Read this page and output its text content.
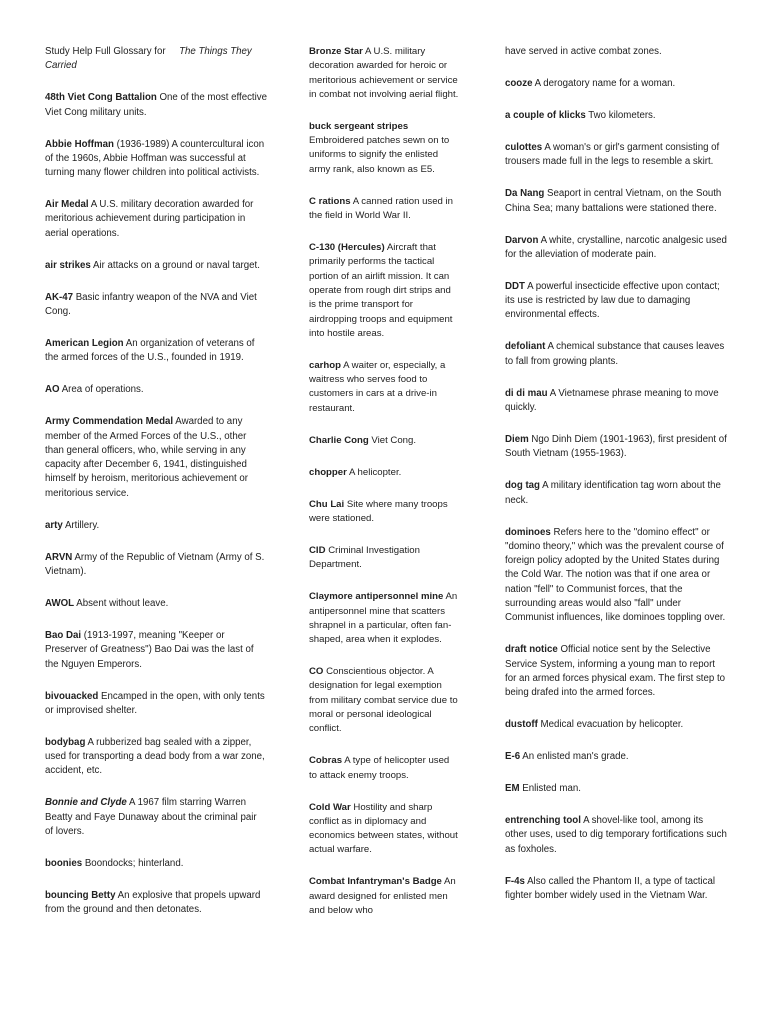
Study Help Full Glossary for The Things They Carried
48th Viet Cong Battalion One of the most effective Viet Cong military units.
Abbie Hoffman (1936-1989) A countercultural icon of the 1960s, Abbie Hoffman was successful at turning many flower children into political activists.
Air Medal A U.S. military decoration awarded for meritorious achievement during participation in aerial operations.
air strikes Air attacks on a ground or naval target.
AK-47 Basic infantry weapon of the NVA and Viet Cong.
American Legion An organization of veterans of the armed forces of the U.S., founded in 1919.
AO Area of operations.
Army Commendation Medal Awarded to any member of the Armed Forces of the U.S., other than general officers, who, while serving in any capacity after December 6, 1941, distinguished himself by heroism, meritorious achievement or meritorious service.
arty Artillery.
ARVN Army of the Republic of Vietnam (Army of S. Vietnam).
AWOL Absent without leave.
Bao Dai (1913-1997, meaning "Keeper or Preserver of Greatness") Bao Dai was the last of the Nguyen Emperors.
bivouacked Encamped in the open, with only tents or improvised shelter.
bodybag A rubberized bag sealed with a zipper, used for transporting a dead body from a war zone, accident, etc.
Bonnie and Clyde A 1967 film starring Warren Beatty and Faye Dunaway about the criminal pair of lovers.
boonies Boondocks; hinterland.
bouncing Betty An explosive that propels upward from the ground and then detonates.
Bronze Star A U.S. military decoration awarded for heroic or meritorious achievement or service in combat not involving aerial flight.
buck sergeant stripes Embroidered patches sewn on to uniforms to signify the enlisted army rank, also known as E5.
C rations A canned ration used in the field in World War II.
C-130 (Hercules) Aircraft that primarily performs the tactical portion of an airlift mission. It can operate from rough dirt strips and is the prime transport for airdropping troops and equipment into hostile areas.
carhop A waiter or, especially, a waitress who serves food to customers in cars at a drive-in restaurant.
Charlie Cong Viet Cong.
chopper A helicopter.
Chu Lai Site where many troops were stationed.
CID Criminal Investigation Department.
Claymore antipersonnel mine An antipersonnel mine that scatters shrapnel in a particular, often fan-shaped, area when it explodes.
CO Conscientious objector. A designation for legal exemption from military combat service due to moral or personal ideological conflict.
Cobras A type of helicopter used to attack enemy troops.
Cold War Hostility and sharp conflict as in diplomacy and economics between states, without actual warfare.
Combat Infantryman's Badge An award designed for enlisted men and below who
have served in active combat zones.
cooze A derogatory name for a woman.
a couple of klicks Two kilometers.
culottes A woman's or girl's garment consisting of trousers made full in the legs to resemble a skirt.
Da Nang Seaport in central Vietnam, on the South China Sea; many battalions were stationed there.
Darvon A white, crystalline, narcotic analgesic used for the alleviation of moderate pain.
DDT A powerful insecticide effective upon contact; its use is restricted by law due to damaging environmental effects.
defoliant A chemical substance that causes leaves to fall from growing plants.
di di mau A Vietnamese phrase meaning to move quickly.
Diem Ngo Dinh Diem (1901-1963), first president of South Vietnam (1955-1963).
dog tag A military identification tag worn about the neck.
dominoes Refers here to the "domino effect" or "domino theory," which was the prevalent course of foreign policy adopted by the United States during the Cold War. The notion was that if one area or nation "fell" to Communist forces, that the surrounding areas would also "fall" under Communist influences, like dominoes toppling over.
draft notice Official notice sent by the Selective Service System, informing a young man to report for an armed forces physical exam. The first step to being drafed into the armed forces.
dustoff Medical evacuation by helicopter.
E-6 An enlisted man's grade.
EM Enlisted man.
entrenching tool A shovel-like tool, among its other uses, used to dig temporary fortifications such as foxholes.
F-4s Also called the Phantom II, a type of tactical fighter bomber widely used in the Vietnam War.
